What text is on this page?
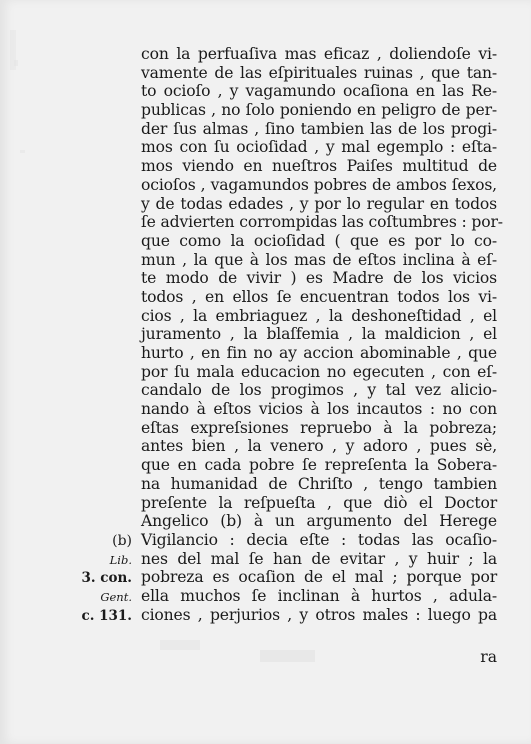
con la perfuaſiva mas eficaz , doliendoſe vi-
vamente de las eſpirituales ruinas , que tan-
to ocioſo , y vagamundo ocaſiona en las Re-
publicas , no ſolo poniendo en peligro de per-
der ſus almas , ſino tambien las de los progi-
mos con ſu ocioſidad , y mal egemplo : eſta-
mos viendo en nueſtros Paiſes multitud de
ocioſos , vagamundos pobres de ambos ſexos,
y de todas edades , y por lo regular en todos
ſe advierten corrompidas las coſtumbres : por-
que como la ocioſidad ( que es por lo co-
mun , la que à los mas de eſtos inclina à eſ-
te modo de vivir ) es Madre de los vicios
todos , en ellos ſe encuentran todos los vi-
cios , la embriaguez , la deshoneſtidad , el
juramento , la blaſfemia , la maldicion , el
hurto , en fin no ay accion abominable , que
por ſu mala educacion no egecuten , con eſ-
candalo de los progimos , y tal vez alicio-
nando à eſtos vicios à los incautos : no con
eſtas expreſsiones repruebo à la pobreza;
antes bien , la venero , y adoro , pues sè,
que en cada pobre ſe repreſenta la Sobera-
na humanidad de Chriſto , tengo tambien
preſente la reſpueſta , que diò el Doctor
Angelico (b) à un argumento del Herege
Vigilancio : decia eſte : todas las ocaſio-
nes del mal ſe han de evitar , y huir ; la
pobreza es ocaſion de el mal ; porque por
ella muchos ſe inclinan à hurtos , adula-
ciones , perjurios , y otros males : luego pa
ra
(b)
Lib.
3. con.
Gent.
c. 131.
